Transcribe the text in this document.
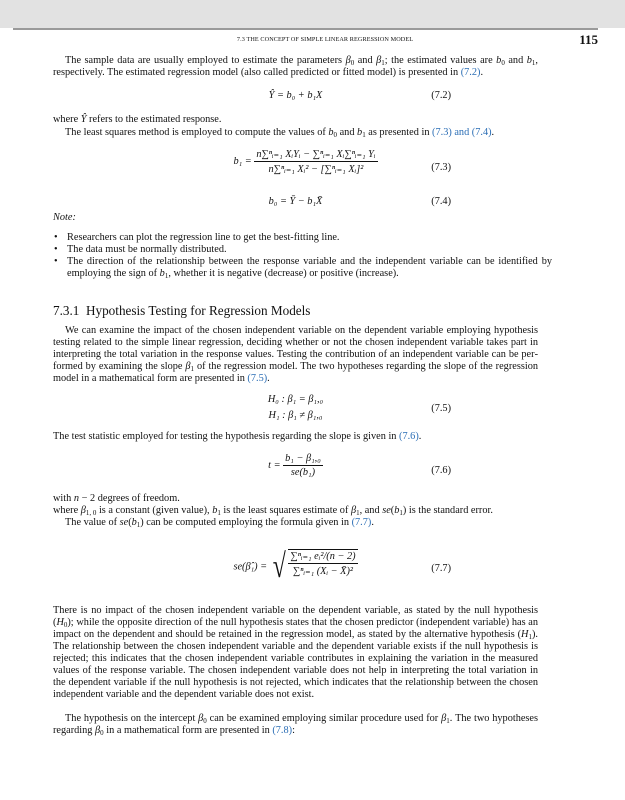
7.3 THE CONCEPT OF SIMPLE LINEAR REGRESSION MODEL	115

The sample data are usually employed to estimate the parameters $\beta_0$ and $\beta_1$; the estimated values are $b_0$ and $b_1$, respectively. The estimated regression model (also called predicted or fitted model) is presented in (7.2).

Ŷ = b₀ + b₁X	(7.2)

where Ŷ refers to the estimated response.

The least squares method is employed to compute the values of $b_0$ and $b_1$ as presented in (7.3) and (7.4).

$b_1 = \frac{\text{n∑ⁿᵢ₌₁ XᵢYᵢ − ∑ⁿᵢ₌₁ Xᵢ∑ⁿᵢ₌₁ Yᵢ}}{\text{n∑ⁿᵢ₌₁ Xᵢ² − [∑ⁿᵢ₌₁ Xᵢ]²}}$	(7.3)
b₀ = Ȳ − b₁X̄	(7.4)
Note:
• Researchers can plot the regression line to get the best-fitting line.
• The data must be normally distributed.
• The direction of the relationship between the response variable and the independent variable can be identified by employing the sign of $b_1$, whether it is negative (decrease) or positive (increase).
7.3.1 Hypothesis Testing for Regression Models

We can examine the impact of the chosen independent variable on the dependent variable employing hypothesis testing related to the simple linear regression, deciding whether or not the chosen independent variable takes part in interpreting the total variation in the response values. Testing the contribution of an independent variable can be performed by examining the slope $\beta_1$ of the regression model. The two hypotheses regarding the slope of the regression model in a mathematical form are presented in (7.5).

H₀ : β₁ = β₁,₀
H₁ : β₁ ≠ β₁,₀
(7.5)

The test statistic employed for testing the hypothesis regarding the slope is given in (7.6).

$t = \frac{\text{b₁ − β₁,₀}}{\text{se(b₁)}}$	(7.6)

with n − 2 degrees of freedom.

where $\beta_{1, 0}$ is a constant (given value), $b_1$ is the least squares estimate of $\beta_1$, and $se(b_1)$ is the standard error.

The value of $se(b_1)$ can be computed employing the formula given in (7.7).

se(β̂₁) = √ $\frac{\text{∑ⁿᵢ₌₁ eᵢ²/(n − 2)}}{\text{∑ⁿᵢ₌₁ (Xᵢ − X̄)²}}$	(7.7)

There is no impact of the chosen independent variable on the dependent variable, as stated by the null hypothesis $(H_0)$; while the opposite direction of the null hypothesis states that the chosen predictor (independent variable) has an impact on the dependent and should be retained in the regression model, as stated by the alternative hypothesis $(H_1)$. The relationship between the chosen independent variable and the dependent variable exists if the null hypothesis is rejected; this indicates that the chosen independent variable contributes in explaining the variation in the measured values of the response variable. The chosen independent variable does not help in interpreting the total variation in the dependent variable if the null hypothesis is not rejected, which indicates that the relationship between the chosen independent variable and the dependent variable does not exist.

The hypothesis on the intercept $\beta_0$ can be examined employing similar procedure used for $\beta_1$. The two hypotheses regarding $\beta_0$ in a mathematical form are presented in (7.8):
